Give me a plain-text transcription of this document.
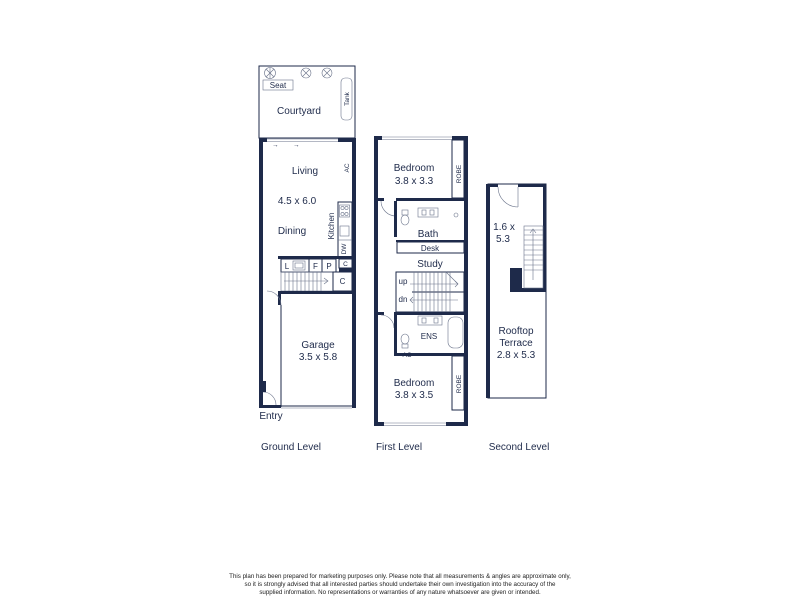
Seat
Tank
Courtyard
→ →
AC
Living
4.5 x 6.0
Dining	Kitchen
DW
L	F P C
C
Garage
3.5 x 5.8
Entry
ROBE
Bedroom
3.8 x 3.3
Bath
Desk
Study
up
dn
ENS
ROBE
Bedroom
3.8 x 3.5
1.6 x
5.3
Rooftop
Terrace
2.8 x 5.3
Ground Level	First Level	Second Level
This plan has been prepared for marketing purposes only. Please note that all measurements & angles are approximate only,
so it is strongly advised that all interested parties should undertake their own investigation into the accuracy of the
supplied information. No representations or warranties of any nature whatsoever are given or intended.
